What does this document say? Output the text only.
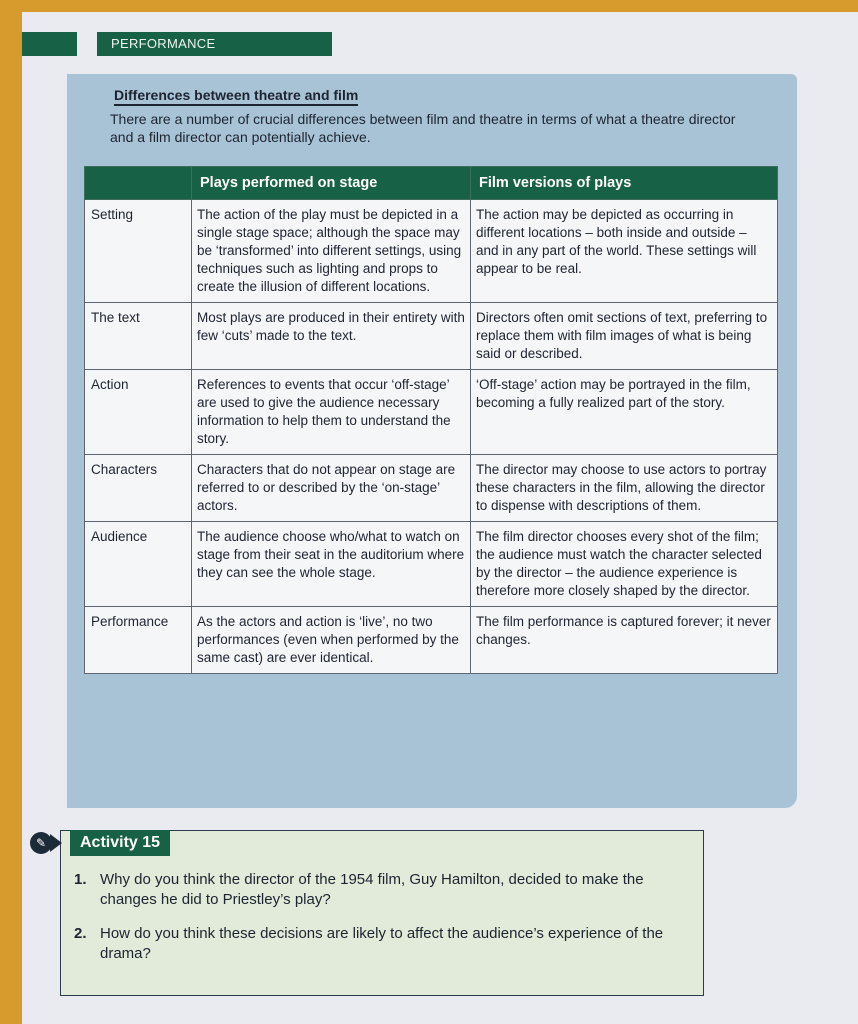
PERFORMANCE
Differences between theatre and film
There are a number of crucial differences between film and theatre in terms of what a theatre director and a film director can potentially achieve.
	Plays performed on stage	Film versions of plays
Setting	The action of the play must be depicted in a single stage space; although the space may be ‘transformed’ into different settings, using techniques such as lighting and props to create the illusion of different locations.	The action may be depicted as occurring in different locations – both inside and outside – and in any part of the world. These settings will appear to be real.
The text	Most plays are produced in their entirety with few ‘cuts’ made to the text.	Directors often omit sections of text, preferring to replace them with film images of what is being said or described.
Action	References to events that occur ‘off-stage’ are used to give the audience necessary information to help them to understand the story.	‘Off-stage’ action may be portrayed in the film, becoming a fully realized part of the story.
Characters	Characters that do not appear on stage are referred to or described by the ‘on-stage’ actors.	The director may choose to use actors to portray these characters in the film, allowing the director to dispense with descriptions of them.
Audience	The audience choose who/what to watch on stage from their seat in the auditorium where they can see the whole stage.	The film director chooses every shot of the film; the audience must watch the character selected by the director – the audience experience is therefore more closely shaped by the director.
Performance	As the actors and action is ‘live’, no two performances (even when performed by the same cast) are ever identical.	The film performance is captured forever; it never changes.
✎	Activity 15
1. Why do you think the director of the 1954 film, Guy Hamilton, decided to make the changes he did to Priestley’s play?
2. How do you think these decisions are likely to affect the audience’s experience of the drama?
